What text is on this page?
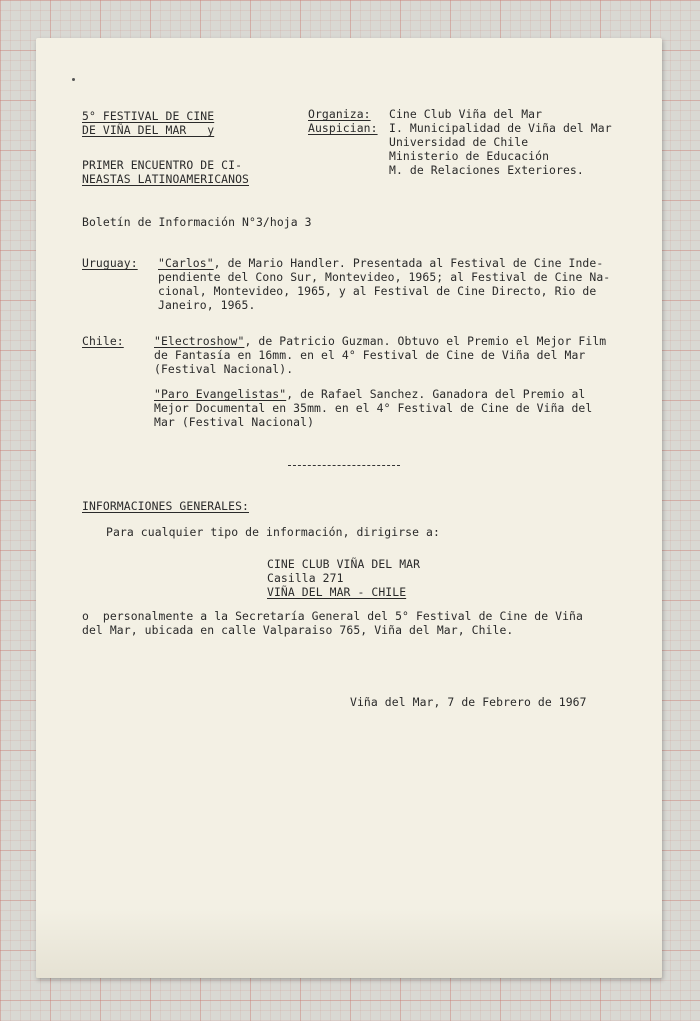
5° FESTIVAL DE CINE

DE VIÑA DEL MAR   y

PRIMER ENCUENTRO DE CI-

NEASTAS LATINOAMERICANOS

Organiza: Cine Club Viña del Mar

Auspician: I. Municipalidad de Viña del Mar

Universidad de Chile

Ministerio de Educación

M. de Relaciones Exteriores.

Boletín de Información N°3/hoja 3

Uruguay: "Carlos", de Mario Handler. Presentada al Festival de Cine Inde-

pendiente del Cono Sur, Montevideo, 1965; al Festival de Cine Na-

cional, Montevideo, 1965, y al Festival de Cine Directo, Rio de

Janeiro, 1965.

Chile:	"Electroshow", de Patricio Guzman. Obtuvo el Premio el Mejor Film

de Fantasía en 16mm. en el 4° Festival de Cine de Viña del Mar

(Festival Nacional).

"Paro Evangelistas", de Rafael Sanchez. Ganadora del Premio al

Mejor Documental en 35mm. en el 4° Festival de Cine de Viña del

Mar (Festival Nacional)

INFORMACIONES GENERALES:

Para cualquier tipo de información, dirigirse a:

CINE CLUB VIÑA DEL MAR

Casilla 271

VIÑA DEL MAR - CHILE

o  personalmente a la Secretaría General del 5° Festival de Cine de Viña

del Mar, ubicada en calle Valparaiso 765, Viña del Mar, Chile.

Viña del Mar, 7 de Febrero de 1967
